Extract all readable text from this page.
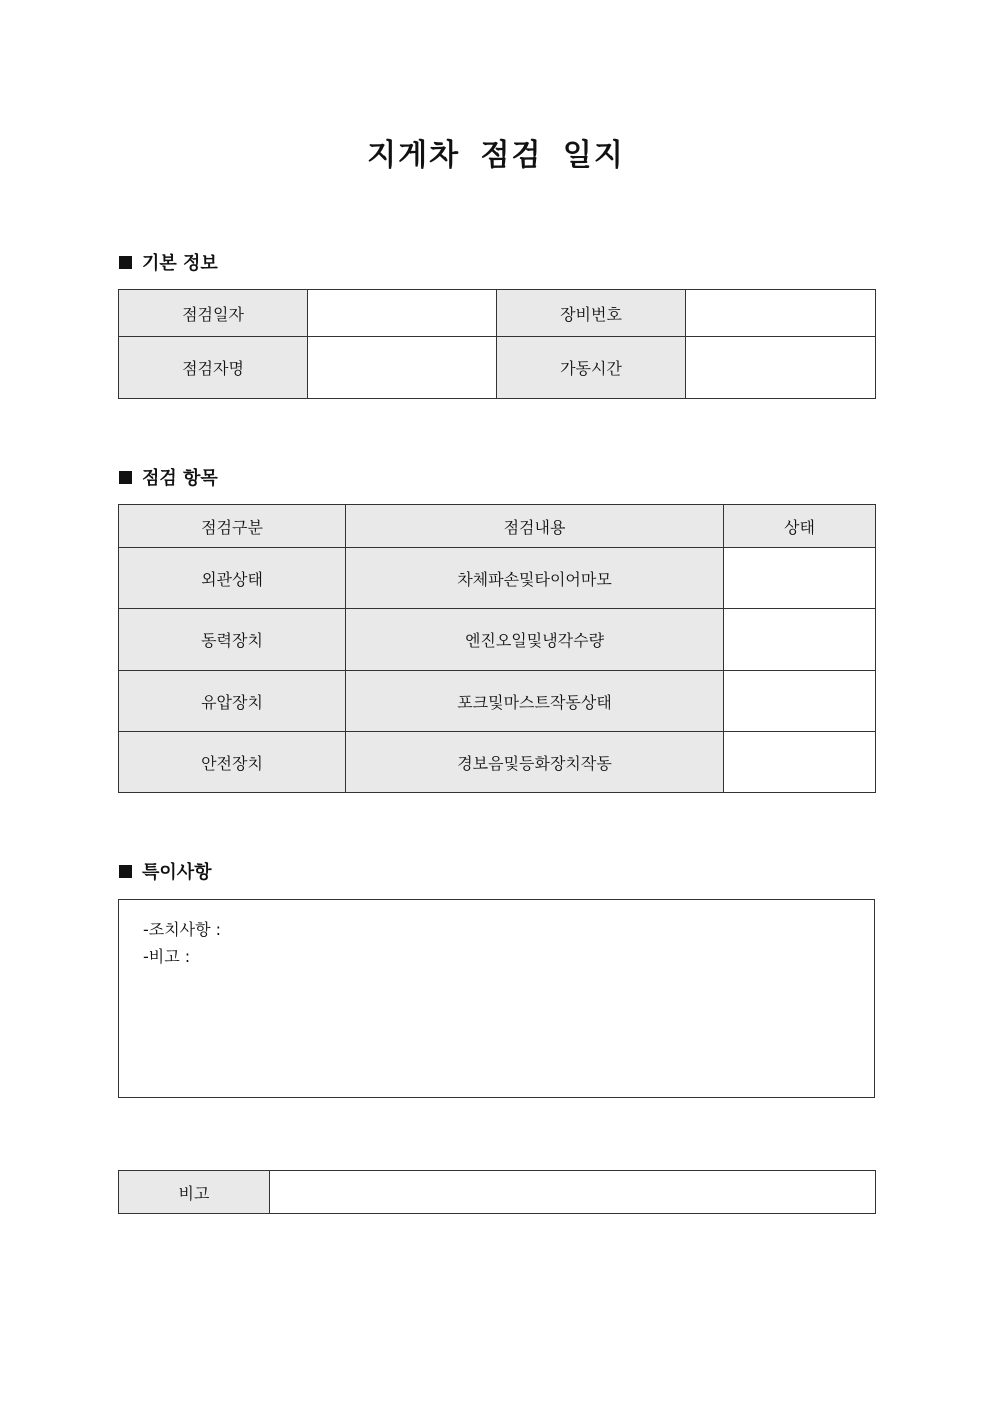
지게차 점검 일지
기본 정보
점검일자		장비번호	
점검자명		가동시간	
점검 항목
점검구분	점검내용	상태
외관상태	차체파손및타이어마모	
동력장치	엔진오일및냉각수량	
유압장치	포크및마스트작동상태	
안전장치	경보음및등화장치작동	
특이사항
-조치사항 :
-비고 :
비고	
